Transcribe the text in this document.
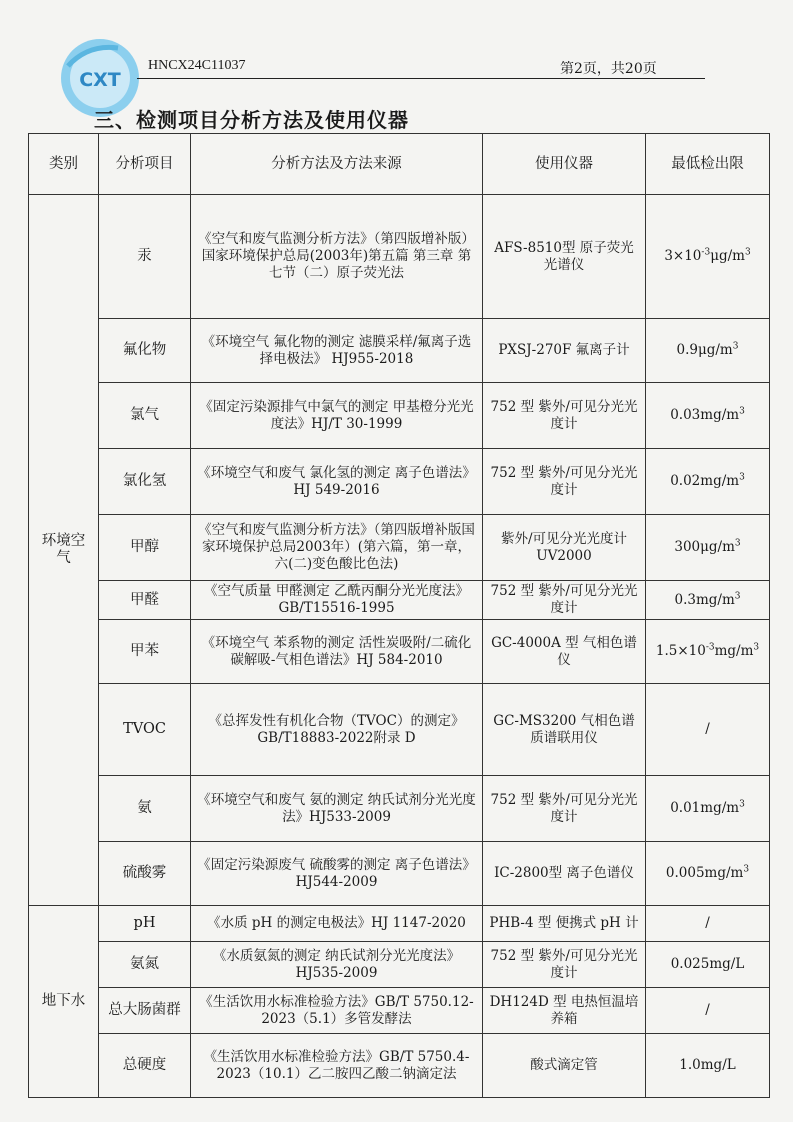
CXT
HNCX24C11037	第2页，共20页
三、检测项目分析方法及使用仪器
类别	分析项目	分析方法及方法来源	使用仪器	最低检出限
环境空气	汞	《空气和废气监测分析方法》（第四版增补版）国家环境保护总局(2003年)第五篇 第三章 第七节（二）原子荧光法	AFS-8510型 原子荧光光谱仪	$3\times 10^{-3}\mu g/m^3$
	氟化物	《环境空气 氟化物的测定 滤膜采样/氟离子选择电极法》 HJ955-2018	PXSJ-270F 氟离子计	$0.9\mu g/m^3$
	氯气	《固定污染源排气中氯气的测定 甲基橙分光光度法》HJ/T 30-1999	752 型 紫外/可见分光光度计	$0.03mg/m^3$
	氯化氢	《环境空气和废气 氯化氢的测定 离子色谱法》 HJ 549-2016	752 型 紫外/可见分光光度计	$0.02mg/m^3$
	甲醇	《空气和废气监测分析方法》（第四版增补版国家环境保护总局2003年）(第六篇，第一章，六(二)变色酸比色法)	紫外/可见分光光度计 UV2000	$300\mu g/m^3$
	甲醛	《空气质量 甲醛测定 乙酰丙酮分光光度法》GB/T15516-1995	752 型 紫外/可见分光光度计	$0.3mg/m^3$
	甲苯	《环境空气 苯系物的测定 活性炭吸附/二硫化碳解吸-气相色谱法》HJ 584-2010	GC-4000A 型 气相色谱仪	$1.5\times 10^{-3}mg/m^3$
	TVOC	《总挥发性有机化合物（TVOC）的测定》GB/T18883-2022附录 D	GC-MS3200 气相色谱质谱联用仪	/
	氨	《环境空气和废气 氨的测定 纳氏试剂分光光度法》HJ533-2009	752 型 紫外/可见分光光度计	$0.01mg/m^3$
	硫酸雾	《固定污染源废气 硫酸雾的测定 离子色谱法》HJ544-2009	IC-2800型 离子色谱仪	$0.005mg/m^3$
地下水	pH	《水质 pH 的测定电极法》HJ 1147-2020	PHB-4 型 便携式 pH 计	/
	氨氮	《水质氨氮的测定 纳氏试剂分光光度法》HJ535-2009	752 型 紫外/可见分光光度计	0.025mg/L
	总大肠菌群	《生活饮用水标准检验方法》GB/T 5750.12-2023（5.1）多管发酵法	DH124D 型 电热恒温培养箱	/
	总硬度	《生活饮用水标准检验方法》GB/T 5750.4-2023（10.1）乙二胺四乙酸二钠滴定法	酸式滴定管	1.0mg/L
